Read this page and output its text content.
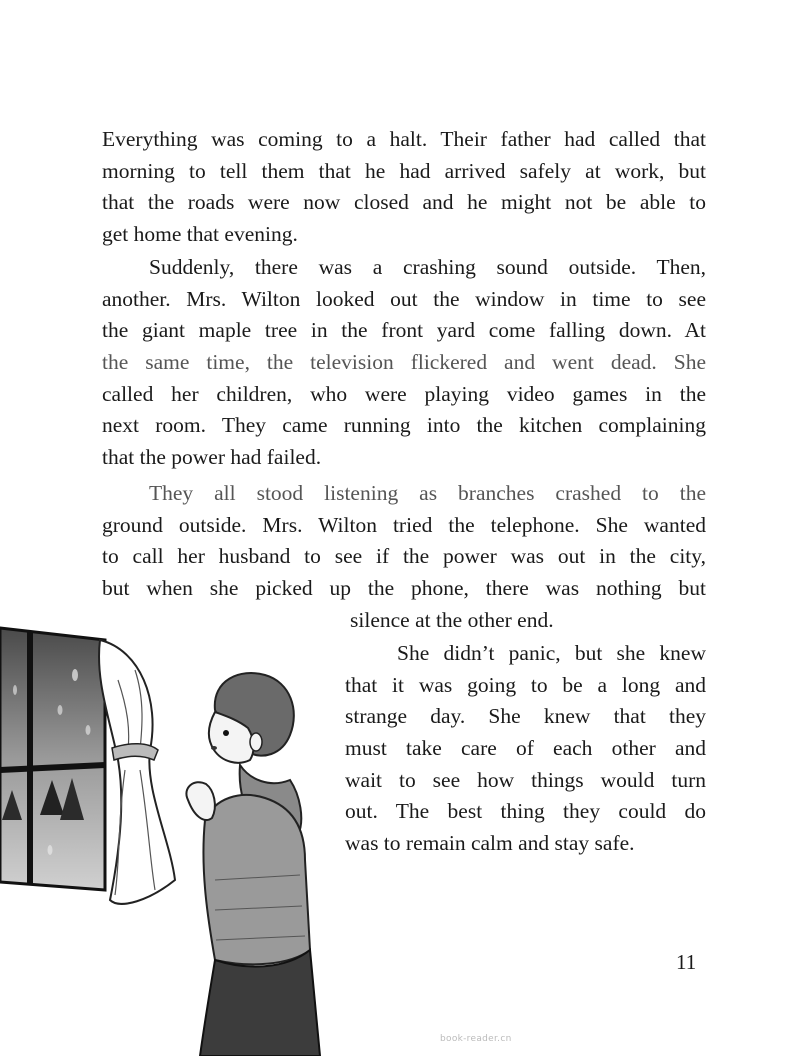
Everything was coming to a halt. Their father had called that
morning to tell them that he had arrived safely at work, but
that the roads were now closed and he might not be able to
get home that evening.
Suddenly, there was a crashing sound outside. Then,
another. Mrs. Wilton looked out the window in time to see
the giant maple tree in the front yard come falling down. At
the same time, the television flickered and went dead. She
called her children, who were playing video games in the
next room. They came running into the kitchen complaining
that the power had failed.
They all stood listening as branches crashed to the
ground outside. Mrs. Wilton tried the telephone. She wanted
to call her husband to see if the power was out in the city,
but when she picked up the phone, there was nothing but
silence at the other end.
She didn’t panic, but she knew
that it was going to be a long and
strange day. She knew that they
must take care of each other and
wait to see how things would turn
out. The best thing they could do
was to remain calm and stay safe.
11
book-reader.cn
